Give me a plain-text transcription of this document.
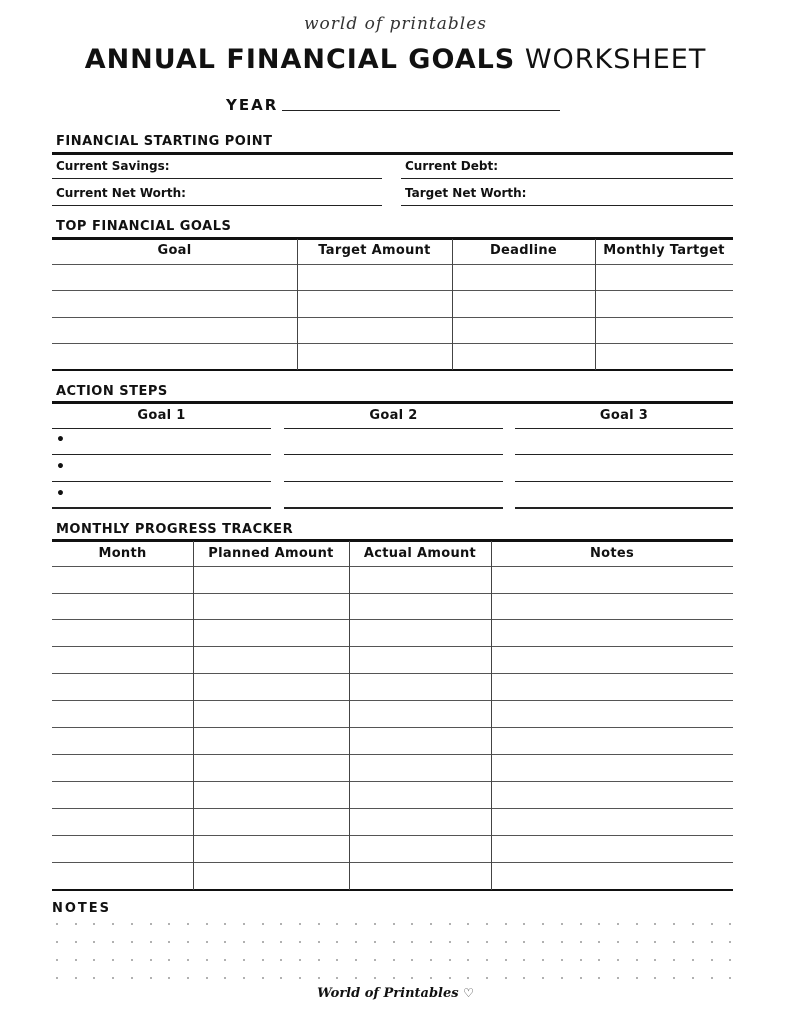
world of printables
ANNUAL FINANCIAL GOALS WORKSHEET
YEAR
FINANCIAL STARTING POINT
Current Savings:	Current Debt:
Current Net Worth:	Target Net Worth:
TOP FINANCIAL GOALS
Goal	Target Amount	Deadline	Monthly Tartget
ACTION STEPS
Goal 1	Goal 2	Goal 3
•
•
•
MONTHLY PROGRESS TRACKER
Month	Planned Amount	Actual Amount	Notes
NOTES
World of Printables ♡
